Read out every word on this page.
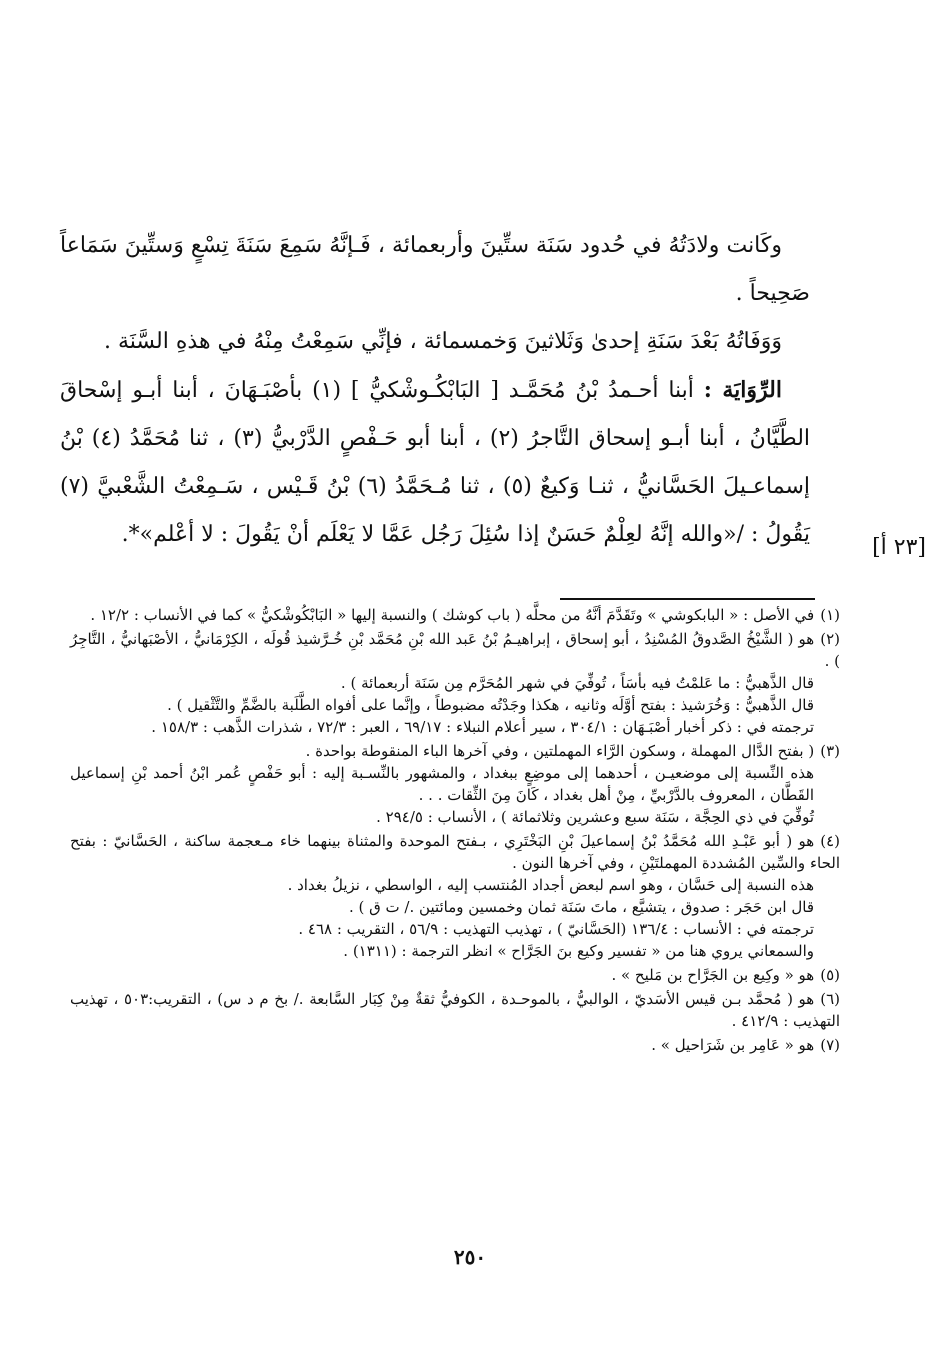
وكَانت ولادَتُهُ في حُدود سَنَة ستِّينَ وأربعمائة ، فَـإنَّهُ سَمِعَ سَنَةَ تِسْعٍ وَستِّينَ سَمَاعاً صَحِيحاً .

وَوَفَاتُهُ بَعْدَ سَنَةِ إحدىٰ وَثَلاثينَ وَخمسمائة ، فإنِّي سَمِعْتُ مِنْهُ في هذهِ السَّنَة .

الرِّوَايَة : أبنا أحـمدُ بْنُ مُحَمَّـد [ البَابْكُـوشْكيُّ ] (١) بأصْبَـهَانَ ، أبنا أبـو إسْحاقَ الطَّيَّانُ ، أبنا أبـو إسحاق التَّاجرُ (٢) ، أبنا أبو حَـفْصٍ الدَّرْبيُّ (٣) ، ثنا مُحَمَّدُ (٤) بْنُ إسماعـيلَ الحَسَّانيُّ ، ثنـا وَكيعٌ (٥) ، ثنا مُـحَمَّدُ (٦) بْنُ قَـيْس ، سَـمِعْتُ الشَّعْبيَّ (٧) يَقُولُ : /«والله إنَّهُ لعِلْمٌ حَسَنٌ إذا سُئِلَ رَجُل عَمَّا لا يَعْلَم أنْ يَقُولَ : لا أعْلم»*.

[٢٣ أ]
(١)في الأصل : « البابكوشي » وتَقَدَّمَ أنَّهُ من محلَّه ( باب كوشك ) والنسبة إليها « البَابْكُوشْكيُّ » كما في الأنساب : ١٢/٢ .
(٢)هو ( الشَّيْخُ الصَّدوقُ المُسْنِدُ ، أبو إسحاق ، إبراهيـمُ بْنُ عَبد الله بْنِ مُحَمَّد بْنِ خُـرَّشيذ قُولَه ، الكِرْمَانيُّ ، الأصْبَهانيُّ ، التَّاجِرُ ) .
قال الذَّهبيُّ : ما عَلمْتُ فيه بأسَاً ، تُوفِّيَ في شهر المُحَرَّم مِن سَنَة أربعمائة ) .
قال الذَّهبيُّ : وَخُرَشيذ : بفتح أوَّلَه وثانيه ، هكذا وجَدْتُه مضبوطاً ، وإنَّما على أفواه الطَّلَبة بالضَّمِّ والتَّثْقيل ) .
ترجمته في : ذكر أخبار أصْبَـهَان : ٣٠٤/١ ، سير أعلام النبلاء : ٦٩/١٧ ، العبر : ٧٢/٣ ، شذرات الذَّهب : ١٥٨/٣ .
(٣)( بفتح الدَّال المهملة ، وسكون الرَّاء المهملتين ، وفي آخرها الباء المنقوطة بواحدة .
هذه النِّسبة إلى موضعيـن ، أحدهما إلى موضِعٍ ببغداد ، والمشهور بالنِّسـبة إليه : أبو حَفْصٍ عُمر ابْنُ أحمد بْنِ إسماعيل القَطَّان ، المعروف بالدَّرْبيِّ ، مِنْ أهل بغداد ، كَانَ مِنَ الثِّقات . . .
تُوفِّيَ في ذي الحِجَّة ، سَنَة سبع وعشرين وثلاثمائة ) ، الأنساب : ٢٩٤/٥ .
(٤)هو ( أبو عَبْـدِ الله مُحَمَّدُ بْنُ إسماعيلَ بْنِ البَخْتَرِي ، بـفتح الموحدة والمثناة بينهما خاء مـعجمة ساكنة ، الحَسَّانيّ : بفتح الحاء والسِّين المُشددة المهملتَيْنِ ، وفي آخرها النون .
هذه النسبة إلى حَسَّان ، وهو اسم لبعض أجداد المُنتسب إليه ، الواسطي ، نزيلُ بغداد .
قال ابن حَجَر : صدوق ، يتشيَّع ، ماتَ سَنَة ثمان وخمسين ومائتين ./ ت ق ) .
ترجمته في : الأنساب : ١٣٦/٤ (الحَسَّانيّ ) ، تهذيب التهذيب : ٥٦/٩ ، التقريب : ٤٦٨ .
والسمعاني يروي هنا من « تفسير وكيع بنَ الجَرَّاح » انظر الترجمة : (١٣١١) .
(٥)هو « وكِيع بن الجَرَّاح بن مَليح » .
(٦)هو ( مُحمَّد بـن قيس الأسَديّ ، الوالبيُّ ، بالموحـدة ، الكوفيُّ ثقةٌ مِنْ كِبَار السَّابعة ./ بخ م د س) ، التقريب:٥٠٣ ، تهذيب التهذيب : ٤١٢/٩ .
(٧)هو « عَامِر بن شَرَاحيل » .
٢٥٠
